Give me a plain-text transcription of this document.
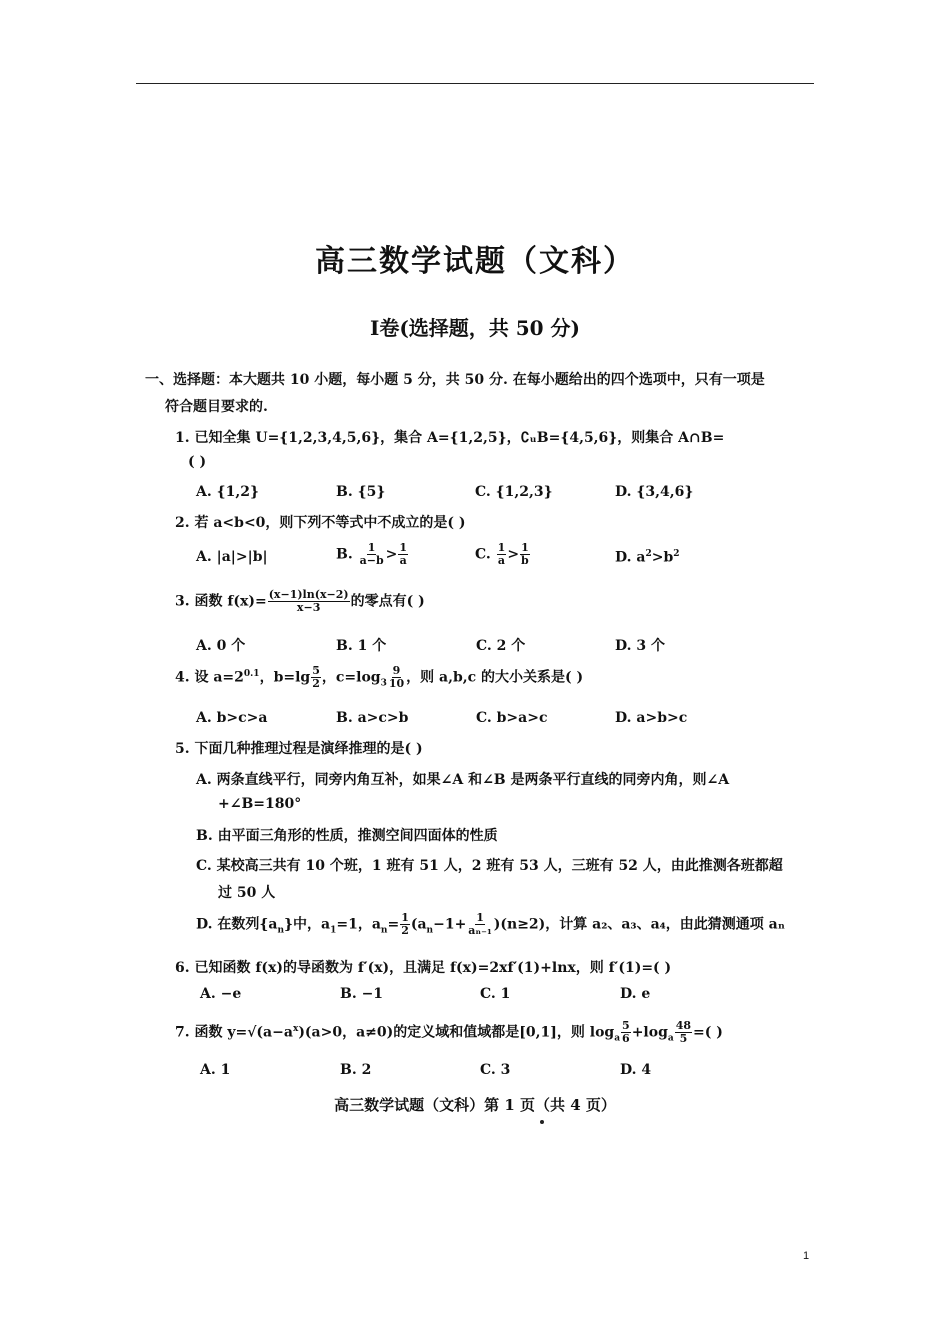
高三数学试题（文科）
Ⅰ卷(选择题，共 50 分)
一、选择题：本大题共 10 小题，每小题 5 分，共 50 分. 在每小题给出的四个选项中，只有一项是
符合题目要求的.
1. 已知全集 U={1,2,3,4,5,6}，集合 A={1,2,5}，∁ᵤB={4,5,6}，则集合 A∩B=
( )
A. {1,2}	B. {5}	C. {1,2,3}	D. {3,4,6}
2. 若 a<b<0，则下列不等式中不成立的是( )
A. |a|>|b|	B. $\frac{1}{a-b} > \frac{1}{a}$	C. $\frac{1}{a} > \frac{1}{b}$	D. $a^2>b^2$
3. 函数 $f(x)= \frac{(x-1)\ln(x-2)}{x-3}$ 的零点有( )
A. 0 个	B. 1 个	C. 2 个	D. 3 个
4. 设 $a=2^{0.1}$，$b=\lg \frac{5}{2}$ ，$c=\log_3 \frac{9}{10}$ ，则 a,b,c 的大小关系是( )
A. b>c>a	B. a>c>b	C. b>a>c	D. a>b>c
5. 下面几种推理过程是演绎推理的是( )
A. 两条直线平行，同旁内角互补，如果∠A 和∠B 是两条平行直线的同旁内角，则∠A
+∠B=180°
B. 由平面三角形的性质，推测空间四面体的性质
C. 某校高三共有 10 个班，1 班有 51 人，2 班有 53 人，三班有 52 人，由此推测各班都超
过 50 人
D. 在数列$\{a_n\}$中，$a_1=1$，$a_n= \frac{1}{2} (a_n-1+ \frac{1}{\text{aₙ₋₁}} )(n\ge 2)$，计算 a₂、a₃、a₄，由此猜测通项 aₙ
6. 已知函数 f(x)的导函数为 f′(x)，且满足 f(x)=2xf′(1)+lnx，则 f′(1)=( )
A. −e	B. −1	C. 1	D. e
7. 函数 $y=√(a-a^x)(a>0$，a≠0)的定义域和值域都是[0,1]，则 $\log_a \frac{5}{6} +\log_a \frac{48}{5}$ =( )
A. 1	B. 2	C. 3	D. 4
高三数学试题（文科）第 1 页（共 4 页）
1
